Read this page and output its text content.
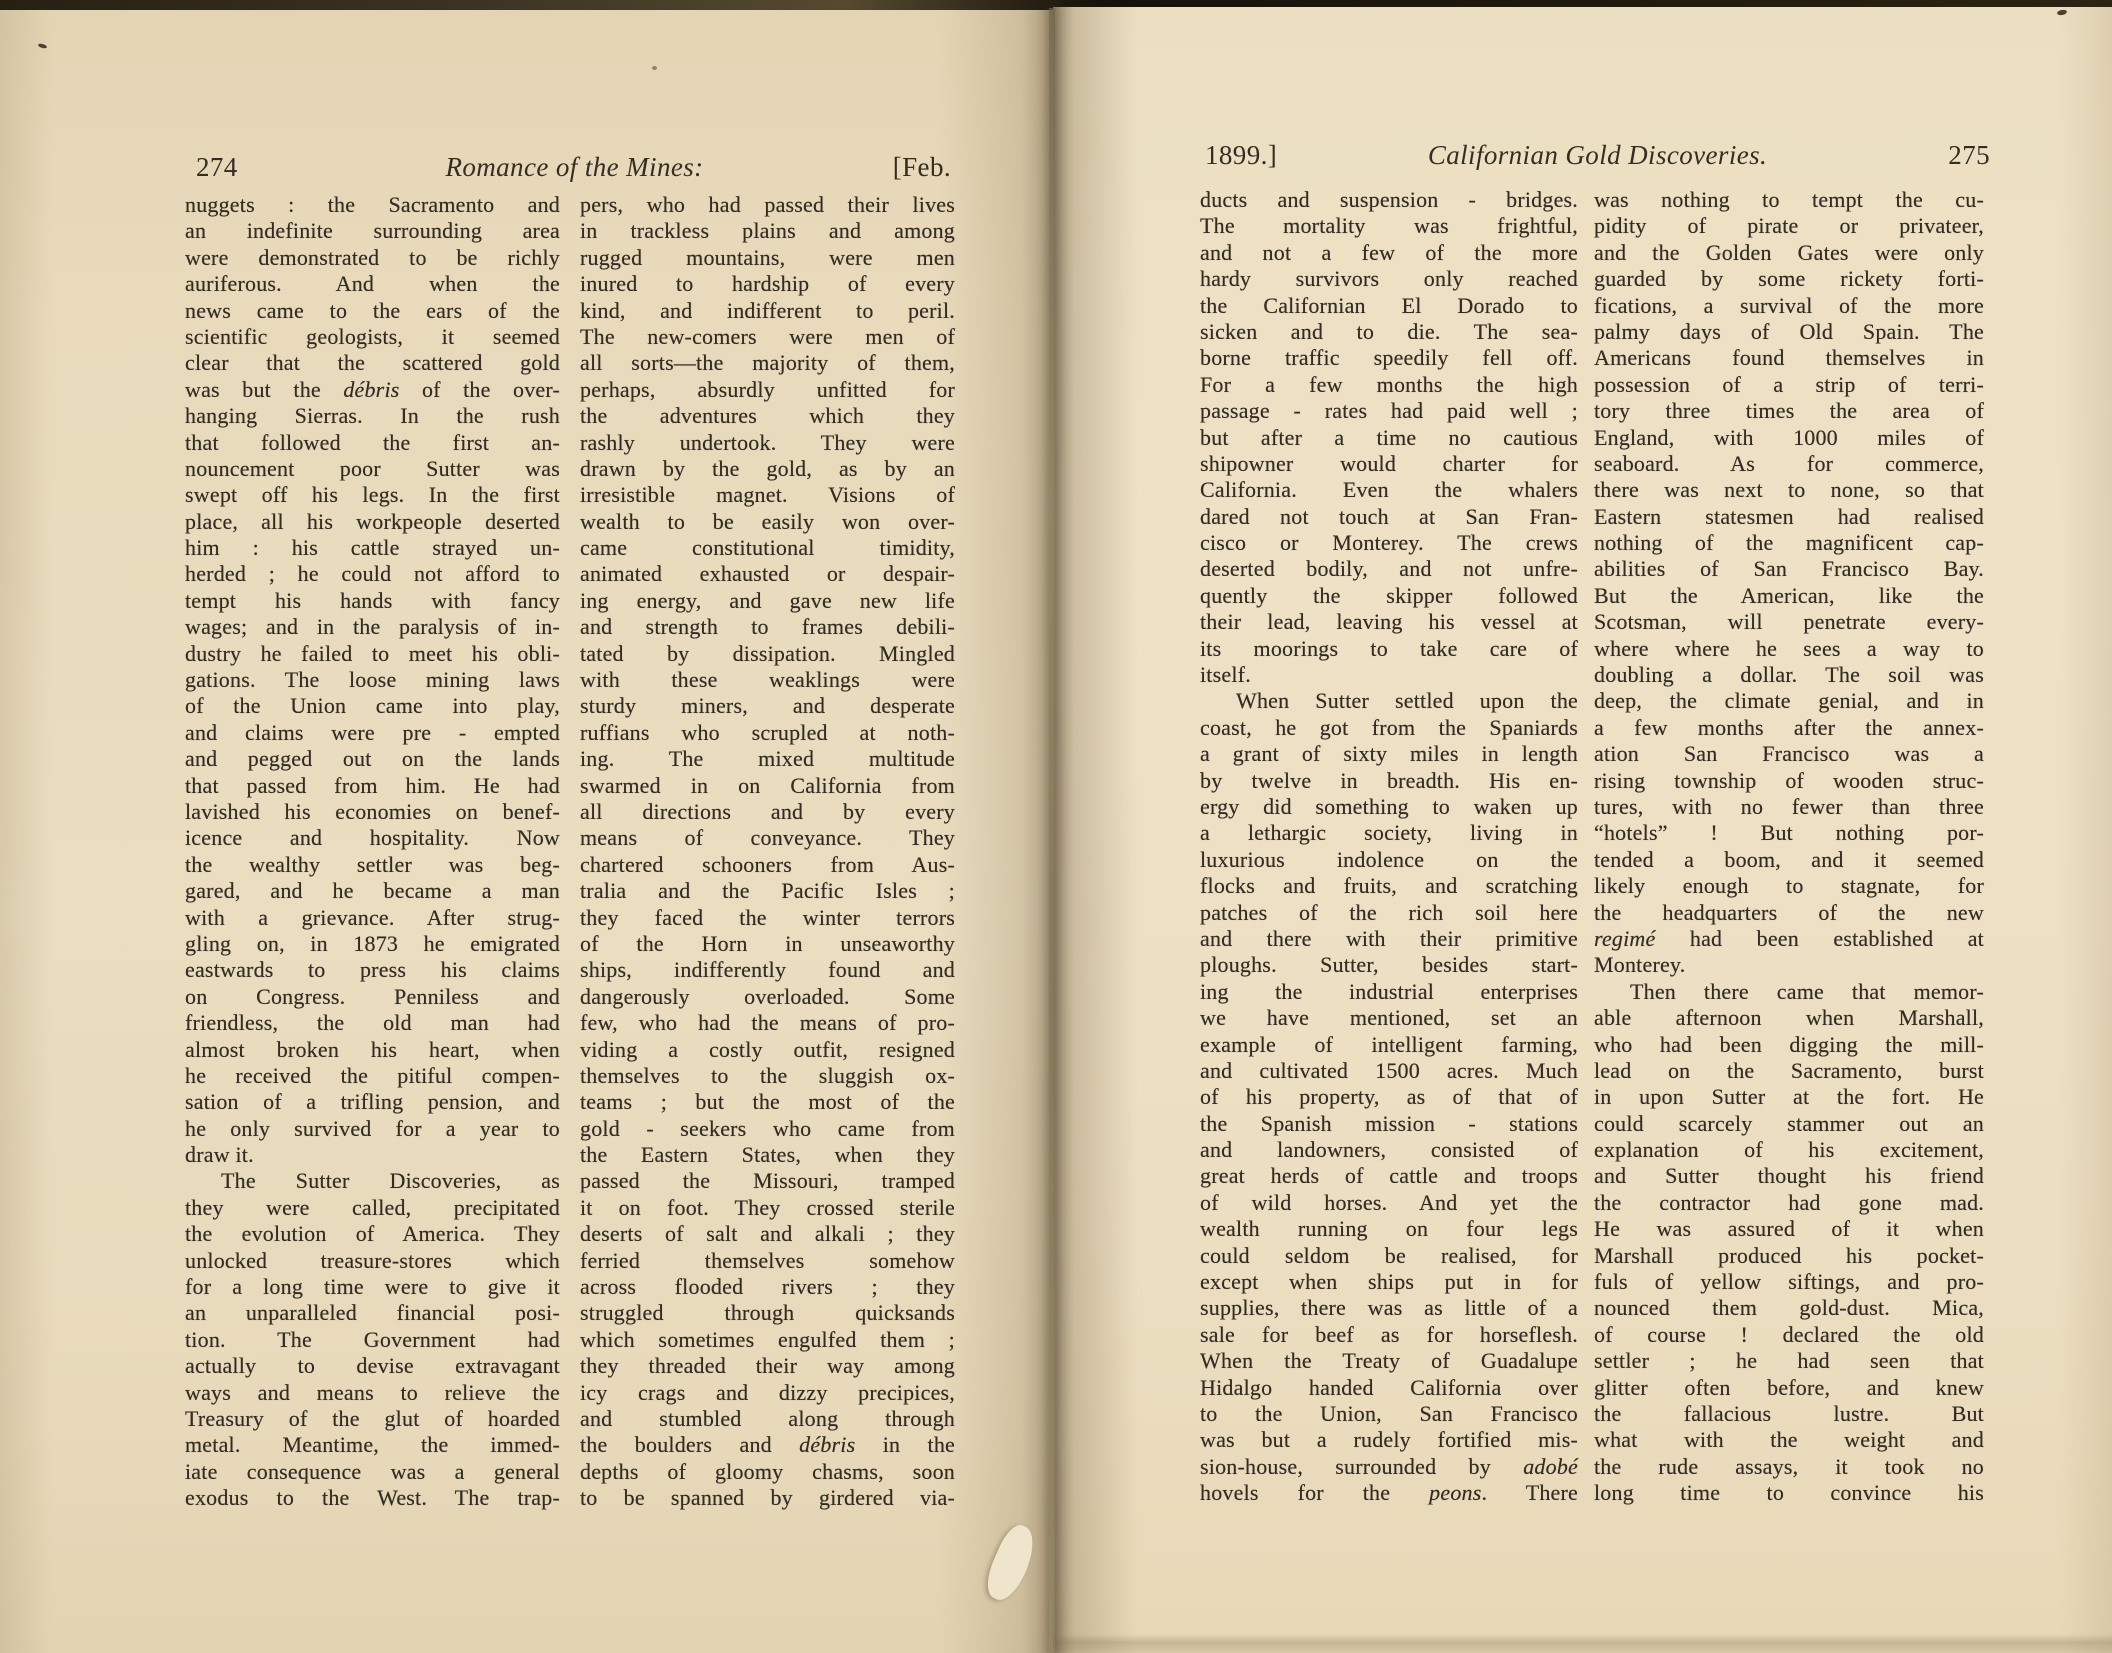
274	Romance of the Mines:	[Feb.
nuggets : the Sacramento and
an indefinite surrounding area
were demonstrated to be richly
auriferous. And when the
news came to the ears of the
scientific geologists, it seemed
clear that the scattered gold
was but the débris of the over-
hanging Sierras. In the rush
that followed the first an-
nouncement poor Sutter was
swept off his legs. In the first
place, all his workpeople deserted
him : his cattle strayed un-
herded ; he could not afford to
tempt his hands with fancy
wages; and in the paralysis of in-
dustry he failed to meet his obli-
gations. The loose mining laws
of the Union came into play,
and claims were pre - empted
and pegged out on the lands
that passed from him. He had
lavished his economies on benef-
icence and hospitality. Now
the wealthy settler was beg-
gared, and he became a man
with a grievance. After strug-
gling on, in 1873 he emigrated
eastwards to press his claims
on Congress. Penniless and
friendless, the old man had
almost broken his heart, when
he received the pitiful compen-
sation of a trifling pension, and
he only survived for a year to
draw it.
The Sutter Discoveries, as
they were called, precipitated
the evolution of America. They
unlocked treasure-stores which
for a long time were to give it
an unparalleled financial posi-
tion. The Government had
actually to devise extravagant
ways and means to relieve the
Treasury of the glut of hoarded
metal. Meantime, the immed-
iate consequence was a general
exodus to the West. The trap-
pers, who had passed their lives
in trackless plains and among
rugged mountains, were men
inured to hardship of every
kind, and indifferent to peril.
The new-comers were men of
all sorts—the majority of them,
perhaps, absurdly unfitted for
the adventures which they
rashly undertook. They were
drawn by the gold, as by an
irresistible magnet. Visions of
wealth to be easily won over-
came constitutional timidity,
animated exhausted or despair-
ing energy, and gave new life
and strength to frames debili-
tated by dissipation. Mingled
with these weaklings were
sturdy miners, and desperate
ruffians who scrupled at noth-
ing. The mixed multitude
swarmed in on California from
all directions and by every
means of conveyance. They
chartered schooners from Aus-
tralia and the Pacific Isles ;
they faced the winter terrors
of the Horn in unseaworthy
ships, indifferently found and
dangerously overloaded. Some
few, who had the means of pro-
viding a costly outfit, resigned
themselves to the sluggish ox-
teams ; but the most of the
gold - seekers who came from
the Eastern States, when they
passed the Missouri, tramped
it on foot. They crossed sterile
deserts of salt and alkali ; they
ferried themselves somehow
across flooded rivers ; they
struggled through quicksands
which sometimes engulfed them ;
they threaded their way among
icy crags and dizzy precipices,
and stumbled along through
the boulders and débris in the
depths of gloomy chasms, soon
to be spanned by girdered via-
1899.]	Californian Gold Discoveries.	275
ducts and suspension - bridges.
The mortality was frightful,
and not a few of the more
hardy survivors only reached
the Californian El Dorado to
sicken and to die. The sea-
borne traffic speedily fell off.
For a few months the high
passage - rates had paid well ;
but after a time no cautious
shipowner would charter for
California. Even the whalers
dared not touch at San Fran-
cisco or Monterey. The crews
deserted bodily, and not unfre-
quently the skipper followed
their lead, leaving his vessel at
its moorings to take care of
itself.
When Sutter settled upon the
coast, he got from the Spaniards
a grant of sixty miles in length
by twelve in breadth. His en-
ergy did something to waken up
a lethargic society, living in
luxurious indolence on the
flocks and fruits, and scratching
patches of the rich soil here
and there with their primitive
ploughs. Sutter, besides start-
ing the industrial enterprises
we have mentioned, set an
example of intelligent farming,
and cultivated 1500 acres. Much
of his property, as of that of
the Spanish mission - stations
and landowners, consisted of
great herds of cattle and troops
of wild horses. And yet the
wealth running on four legs
could seldom be realised, for
except when ships put in for
supplies, there was as little of a
sale for beef as for horseflesh.
When the Treaty of Guadalupe
Hidalgo handed California over
to the Union, San Francisco
was but a rudely fortified mis-
sion-house, surrounded by adobé
hovels for the peons. There
was nothing to tempt the cu-
pidity of pirate or privateer,
and the Golden Gates were only
guarded by some rickety forti-
fications, a survival of the more
palmy days of Old Spain. The
Americans found themselves in
possession of a strip of terri-
tory three times the area of
England, with 1000 miles of
seaboard. As for commerce,
there was next to none, so that
Eastern statesmen had realised
nothing of the magnificent cap-
abilities of San Francisco Bay.
But the American, like the
Scotsman, will penetrate every-
where where he sees a way to
doubling a dollar. The soil was
deep, the climate genial, and in
a few months after the annex-
ation San Francisco was a
rising township of wooden struc-
tures, with no fewer than three
“hotels” ! But nothing por-
tended a boom, and it seemed
likely enough to stagnate, for
the headquarters of the new
regimé had been established at
Monterey.
Then there came that memor-
able afternoon when Marshall,
who had been digging the mill-
lead on the Sacramento, burst
in upon Sutter at the fort. He
could scarcely stammer out an
explanation of his excitement,
and Sutter thought his friend
the contractor had gone mad.
He was assured of it when
Marshall produced his pocket-
fuls of yellow siftings, and pro-
nounced them gold-dust. Mica,
of course ! declared the old
settler ; he had seen that
glitter often before, and knew
the fallacious lustre. But
what with the weight and
the rude assays, it took no
long time to convince his
